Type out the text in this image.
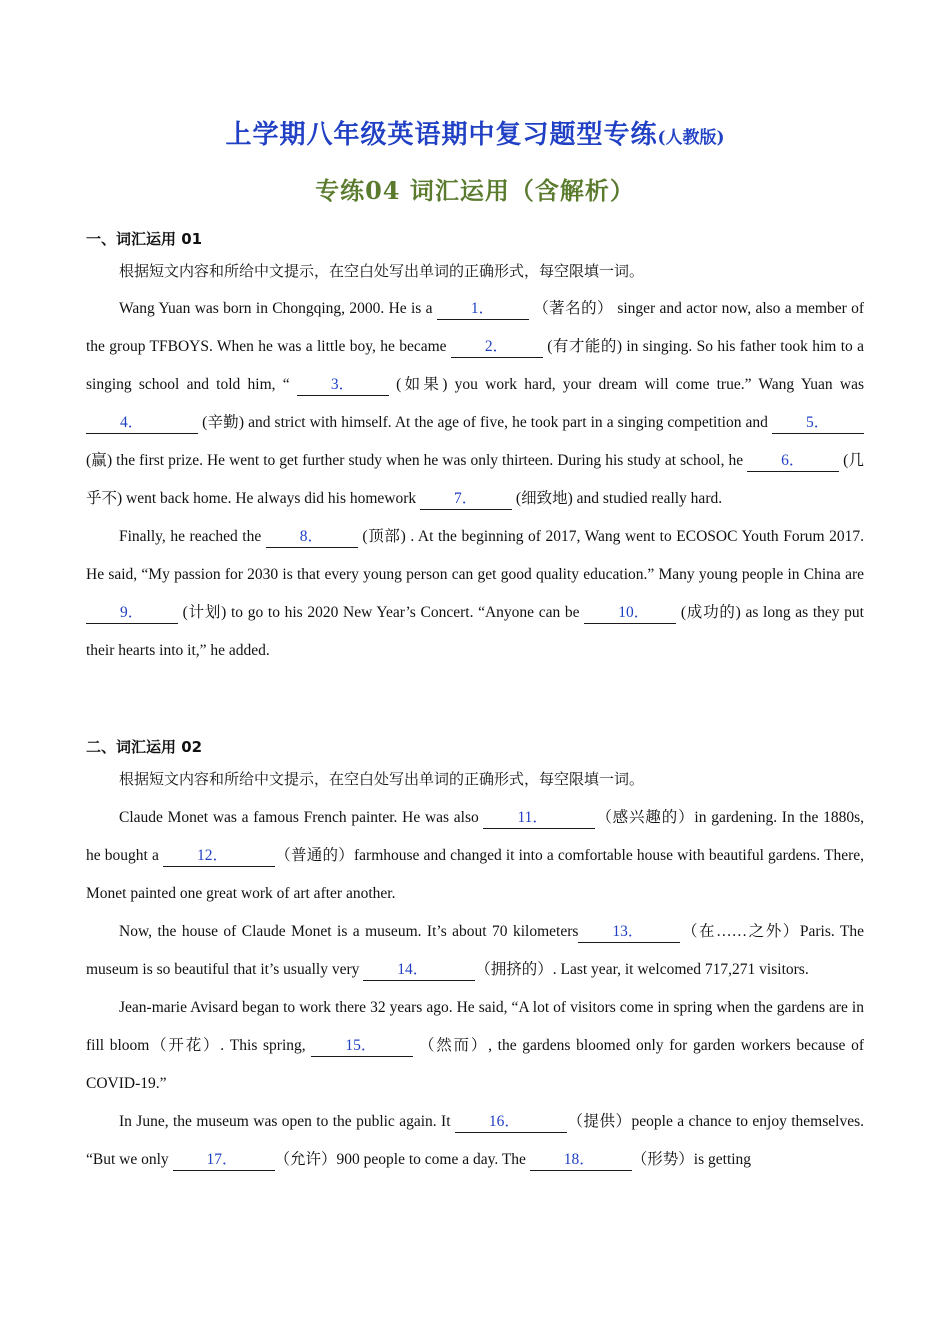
上学期八年级英语期中复习题型专练(人教版)
专练04 词汇运用（含解析）
一、词汇运用 01
根据短文内容和所给中文提示，在空白处写出单词的正确形式，每空限填一词。

Wang Yuan was born in Chongqing, 2000. He is a 1． （著名的） singer and actor now, also a member of the group TFBOYS. When he was a little boy, he became 2． (有才能的) in singing. So his father took him to a singing school and told him, “ 3． (如果) you work hard, your dream will come true.” Wang Yuan was 4．	(辛勤) and strict with himself. At the age of five, he took part in a singing competition and 5． (赢) the first prize. He went to get further study when he was only thirteen. During his study at school, he 6． (几乎不) went back home. He always did his homework 7． (细致地) and studied really hard.

Finally, he reached the 8． (顶部) . At the beginning of 2017, Wang went to ECOSOC Youth Forum 2017. He said, “My passion for 2030 is that every young person can get good quality education.” Many young people in China are 9． (计划) to go to his 2020 New Year’s Concert. “Anyone can be 10． (成功的) as long as they put their hearts into it,” he added.

二、词汇运用 02
根据短文内容和所给中文提示，在空白处写出单词的正确形式，每空限填一词。

Claude Monet was a famous French painter. He was also 11．	（感兴趣的）in gardening. In the 1880s, he bought a 12．	（普通的）farmhouse and changed it into a comfortable house with beautiful gardens. There, Monet painted one great work of art after another.

Now, the house of Claude Monet is a museum. It’s about 70 kilometers 13． （在……之外）Paris. The museum is so beautiful that it’s usually very 14．	（拥挤的）. Last year, it welcomed 717,271 visitors.

Jean-marie Avisard began to work there 32 years ago. He said, “A lot of visitors come in spring when the gardens are in fill bloom（开花）. This spring, 15． （然而）, the gardens bloomed only for garden workers because of COVID-19.”

In June, the museum was open to the public again. It 16．	（提供）people a chance to enjoy themselves. “But we only 17． （允许）900 people to come a day. The 18． （形势）is getting
